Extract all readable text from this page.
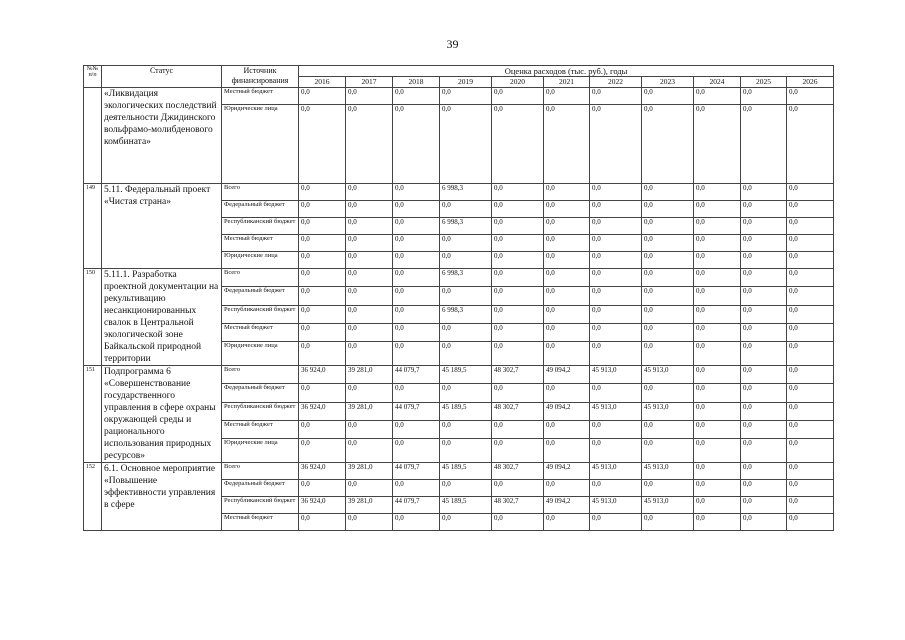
39
№№ п/п	Статус	Источник финансирования	Оценка расходов (тыс. руб.), годы										
			2016	2017	2018	2019	2020	2021	2022	2023	2024	2025	2026
	«Ликвидация экологических последствий деятельности Джидинского вольфрамо-молибденового комбината»	Местный бюджет	0,0	0,0	0,0	0,0	0,0	0,0	0,0	0,0	0,0	0,0	0,0
		Юридические лица	0,0	0,0	0,0	0,0	0,0	0,0	0,0	0,0	0,0	0,0	0,0
149	5.11. Федеральный проект «Чистая страна»	Всего	0,0	0,0	0,0	6 998,3	0,0	0,0	0,0	0,0	0,0	0,0	0,0
		Федеральный бюджет	0,0	0,0	0,0	0,0	0,0	0,0	0,0	0,0	0,0	0,0	0,0
		Республиканский бюджет	0,0	0,0	0,0	6 998,3	0,0	0,0	0,0	0,0	0,0	0,0	0,0
		Местный бюджет	0,0	0,0	0,0	0,0	0,0	0,0	0,0	0,0	0,0	0,0	0,0
		Юридические лица	0,0	0,0	0,0	0,0	0,0	0,0	0,0	0,0	0,0	0,0	0,0
150	5.11.1. Разработка проектной документации на рекультивацию несанкционированных свалок в Центральной экологической зоне Байкальской природной территории	Всего	0,0	0,0	0,0	6 998,3	0,0	0,0	0,0	0,0	0,0	0,0	0,0
		Федеральный бюджет	0,0	0,0	0,0	0,0	0,0	0,0	0,0	0,0	0,0	0,0	0,0
		Республиканский бюджет	0,0	0,0	0,0	6 998,3	0,0	0,0	0,0	0,0	0,0	0,0	0,0
		Местный бюджет	0,0	0,0	0,0	0,0	0,0	0,0	0,0	0,0	0,0	0,0	0,0
		Юридические лица	0,0	0,0	0,0	0,0	0,0	0,0	0,0	0,0	0,0	0,0	0,0
151	Подпрограмма 6 «Совершенствование государственного управления в сфере охраны окружающей среды и рационального использования природных ресурсов»	Всего	36 924,0	39 281,0	44 079,7	45 189,5	48 302,7	49 094,2	45 913,0	45 913,0	0,0	0,0	0,0
		Федеральный бюджет	0,0	0,0	0,0	0,0	0,0	0,0	0,0	0,0	0,0	0,0	0,0
		Республиканский бюджет	36 924,0	39 281,0	44 079,7	45 189,5	48 302,7	49 094,2	45 913,0	45 913,0	0,0	0,0	0,0
		Местный бюджет	0,0	0,0	0,0	0,0	0,0	0,0	0,0	0,0	0,0	0,0	0,0
		Юридические лица	0,0	0,0	0,0	0,0	0,0	0,0	0,0	0,0	0,0	0,0	0,0
152	6.1. Основное мероприятие «Повышение эффективности управления в сфере	Всего	36 924,0	39 281,0	44 079,7	45 189,5	48 302,7	49 094,2	45 913,0	45 913,0	0,0	0,0	0,0
		Федеральный бюджет	0,0	0,0	0,0	0,0	0,0	0,0	0,0	0,0	0,0	0,0	0,0
		Республиканский бюджет	36 924,0	39 281,0	44 079,7	45 189,5	48 302,7	49 094,2	45 913,0	45 913,0	0,0	0,0	0,0
		Местный бюджет	0,0	0,0	0,0	0,0	0,0	0,0	0,0	0,0	0,0	0,0	0,0
